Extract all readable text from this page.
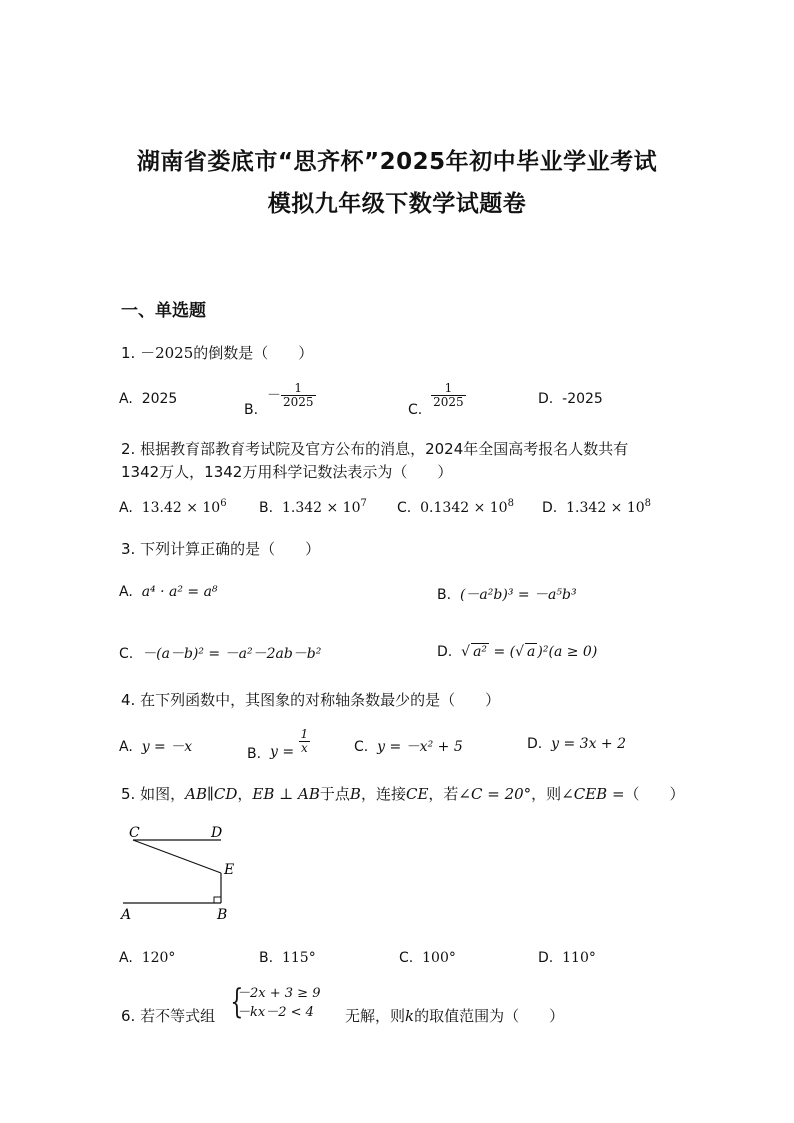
湖南省娄底市“思齐杯”2025年初中毕业学业考试
模拟九年级下数学试题卷
一、单选题
1. －2025的倒数是（　　）
A. 2025
B.  － $\frac{1}{2025}$
C.
$\frac{1}{2025}$	D. -2025
2. 根据教育部教育考试院及官方公布的消息，2024年全国高考报名人数共有
1342万人，1342万用科学记数法表示为（　　）
A. $13.42 \times 10^6$ B. $1.342 \times 10^7$ C. $0.1342 \times 10^8$ D. $1.342 \times 10^8$
3. 下列计算正确的是（　　）
A. a⁴ · a² = a⁸	B. (－a²b)³ = －a⁵b³
C. －(a－b)² = －a²－2ab－b²	D. √ a² = (√ a )²(a ≥ 0)
4. 在下列函数中，其图象的对称轴条数最少的是（　　）
A. y = －x	B. $y = \frac{1}{x}$	C. y = －x² + 5	D. y = 3x + 2
5. 如图，AB∥CD，EB ⊥ AB于点B，连接CE，若∠C = 20°，则∠CEB =（　　）
C	D
E
A	B
A. 120°	B. 115°	C. 100°	D. 110°
6. 若不等式组 {
－2x + 3 ≥ 9
－kx－2 < 4 无解，则k的取值范围为（　　）
